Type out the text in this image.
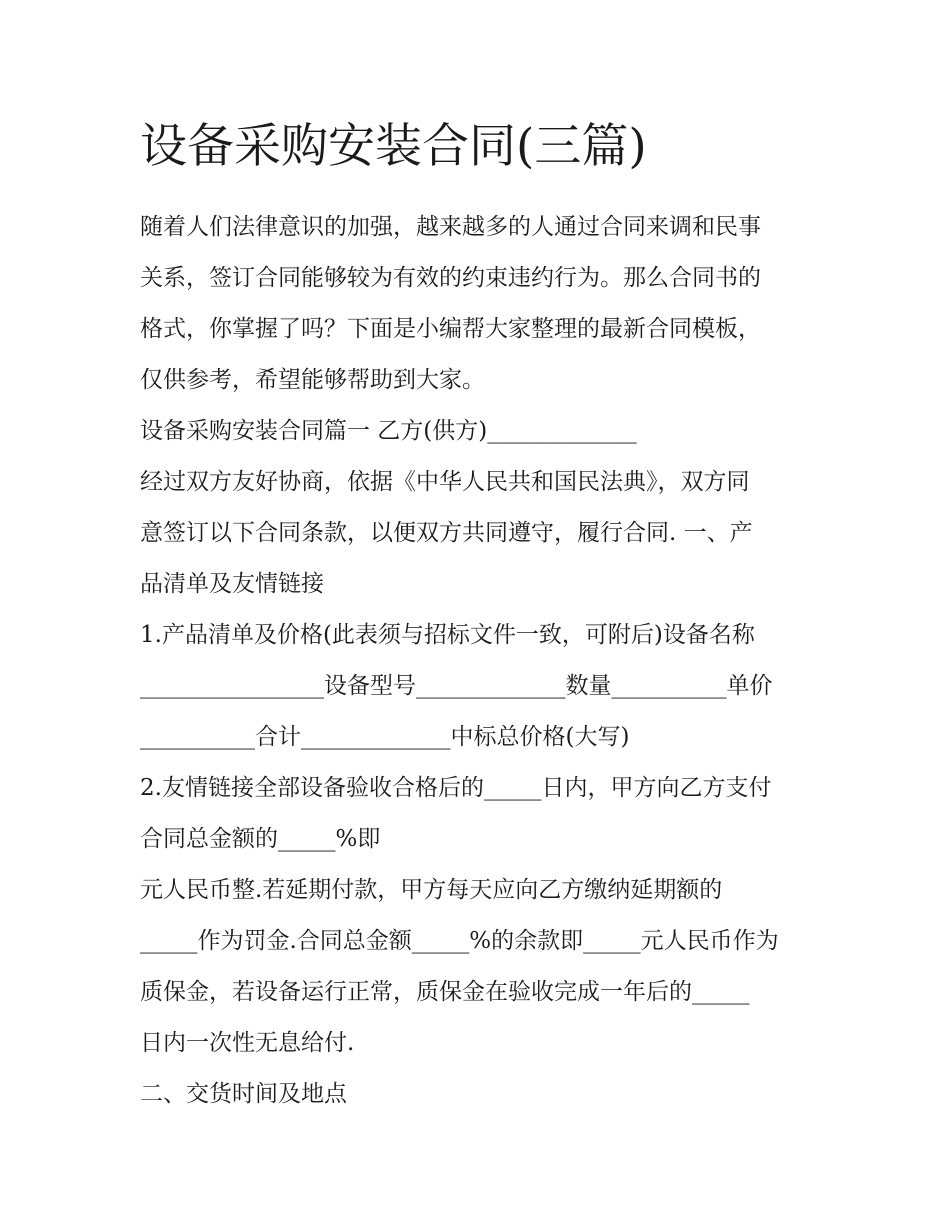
设备采购安装合同(三篇)

随着人们法律意识的加强，越来越多的人通过合同来调和民事

关系，签订合同能够较为有效的约束违约行为。那么合同书的

格式，你掌握了吗？下面是小编帮大家整理的最新合同模板，

仅供参考，希望能够帮助到大家。

设备采购安装合同篇一 乙方(供方)_____________

经过双方友好协商，依据《中华人民共和国民法典》，双方同

意签订以下合同条款，以便双方共同遵守，履行合同. 一、产

品清单及友情链接

1.产品清单及价格(此表须与招标文件一致，可附后)设备名称

________________设备型号_____________数量__________单价

__________合计_____________中标总价格(大写)

2.友情链接全部设备验收合格后的_____日内，甲方向乙方支付

合同总金额的_____%即

元人民币整.若延期付款，甲方每天应向乙方缴纳延期额的

_____作为罚金.合同总金额_____%的余款即_____元人民币作为

质保金，若设备运行正常，质保金在验收完成一年后的_____

日内一次性无息给付.

二、交货时间及地点
